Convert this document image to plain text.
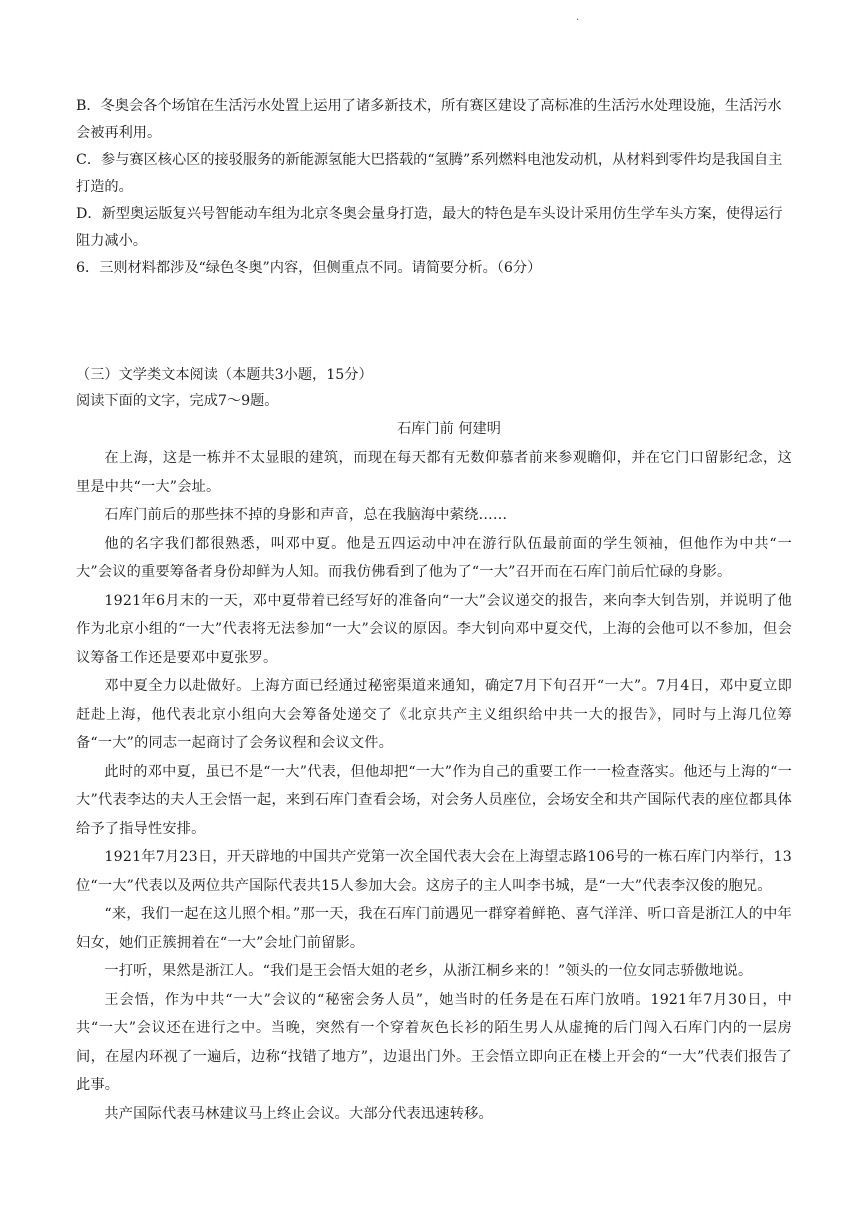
.

B．冬奥会各个场馆在生活污水处置上运用了诸多新技术，所有赛区建设了高标准的生活污水处理设施，生活污水会被再利用。

C．参与赛区核心区的接驳服务的新能源氢能大巴搭载的“氢腾”系列燃料电池发动机，从材料到零件均是我国自主打造的。

D．新型奥运版复兴号智能动车组为北京冬奥会量身打造，最大的特色是车头设计采用仿生学车头方案，使得运行阻力减小。

6．三则材料都涉及“绿色冬奥”内容，但侧重点不同。请简要分析。（6分）

（三）文学类文本阅读（本题共3小题，15分）

阅读下面的文字，完成7～9题。

石库门前 何建明

在上海，这是一栋并不太显眼的建筑，而现在每天都有无数仰慕者前来参观瞻仰，并在它门口留影纪念，这里是中共“一大”会址。

石库门前后的那些抹不掉的身影和声音，总在我脑海中萦绕……

他的名字我们都很熟悉，叫邓中夏。他是五四运动中冲在游行队伍最前面的学生领袖，但他作为中共“一大”会议的重要筹备者身份却鲜为人知。而我仿佛看到了他为了“一大”召开而在石库门前后忙碌的身影。

1921年6月末的一天，邓中夏带着已经写好的准备向“一大”会议递交的报告，来向李大钊告别，并说明了他作为北京小组的“一大”代表将无法参加“一大”会议的原因。李大钊向邓中夏交代，上海的会他可以不参加，但会议筹备工作还是要邓中夏张罗。

邓中夏全力以赴做好。上海方面已经通过秘密渠道来通知，确定7月下旬召开“一大”。7月4日，邓中夏立即赶赴上海，他代表北京小组向大会筹备处递交了《北京共产主义组织给中共一大的报告》，同时与上海几位筹备“一大”的同志一起商讨了会务议程和会议文件。

此时的邓中夏，虽已不是“一大”代表，但他却把“一大”作为自己的重要工作一一检查落实。他还与上海的“一大”代表李达的夫人王会悟一起，来到石库门查看会场，对会务人员座位，会场安全和共产国际代表的座位都具体给予了指导性安排。

1921年7月23日，开天辟地的中国共产党第一次全国代表大会在上海望志路106号的一栋石库门内举行，13位“一大”代表以及两位共产国际代表共15人参加大会。这房子的主人叫李书城，是“一大”代表李汉俊的胞兄。

“来，我们一起在这儿照个相。”那一天，我在石库门前遇见一群穿着鲜艳、喜气洋洋、听口音是浙江人的中年妇女，她们正簇拥着在“一大”会址门前留影。

一打听，果然是浙江人。“我们是王会悟大姐的老乡，从浙江桐乡来的！”领头的一位女同志骄傲地说。

王会悟，作为中共“一大”会议的“秘密会务人员”，她当时的任务是在石库门放哨。1921年7月30日，中共“一大”会议还在进行之中。当晚，突然有一个穿着灰色长衫的陌生男人从虚掩的后门闯入石库门内的一层房间，在屋内环视了一遍后，边称“找错了地方”，边退出门外。王会悟立即向正在楼上开会的“一大”代表们报告了此事。

共产国际代表马林建议马上终止会议。大部分代表迅速转移。
